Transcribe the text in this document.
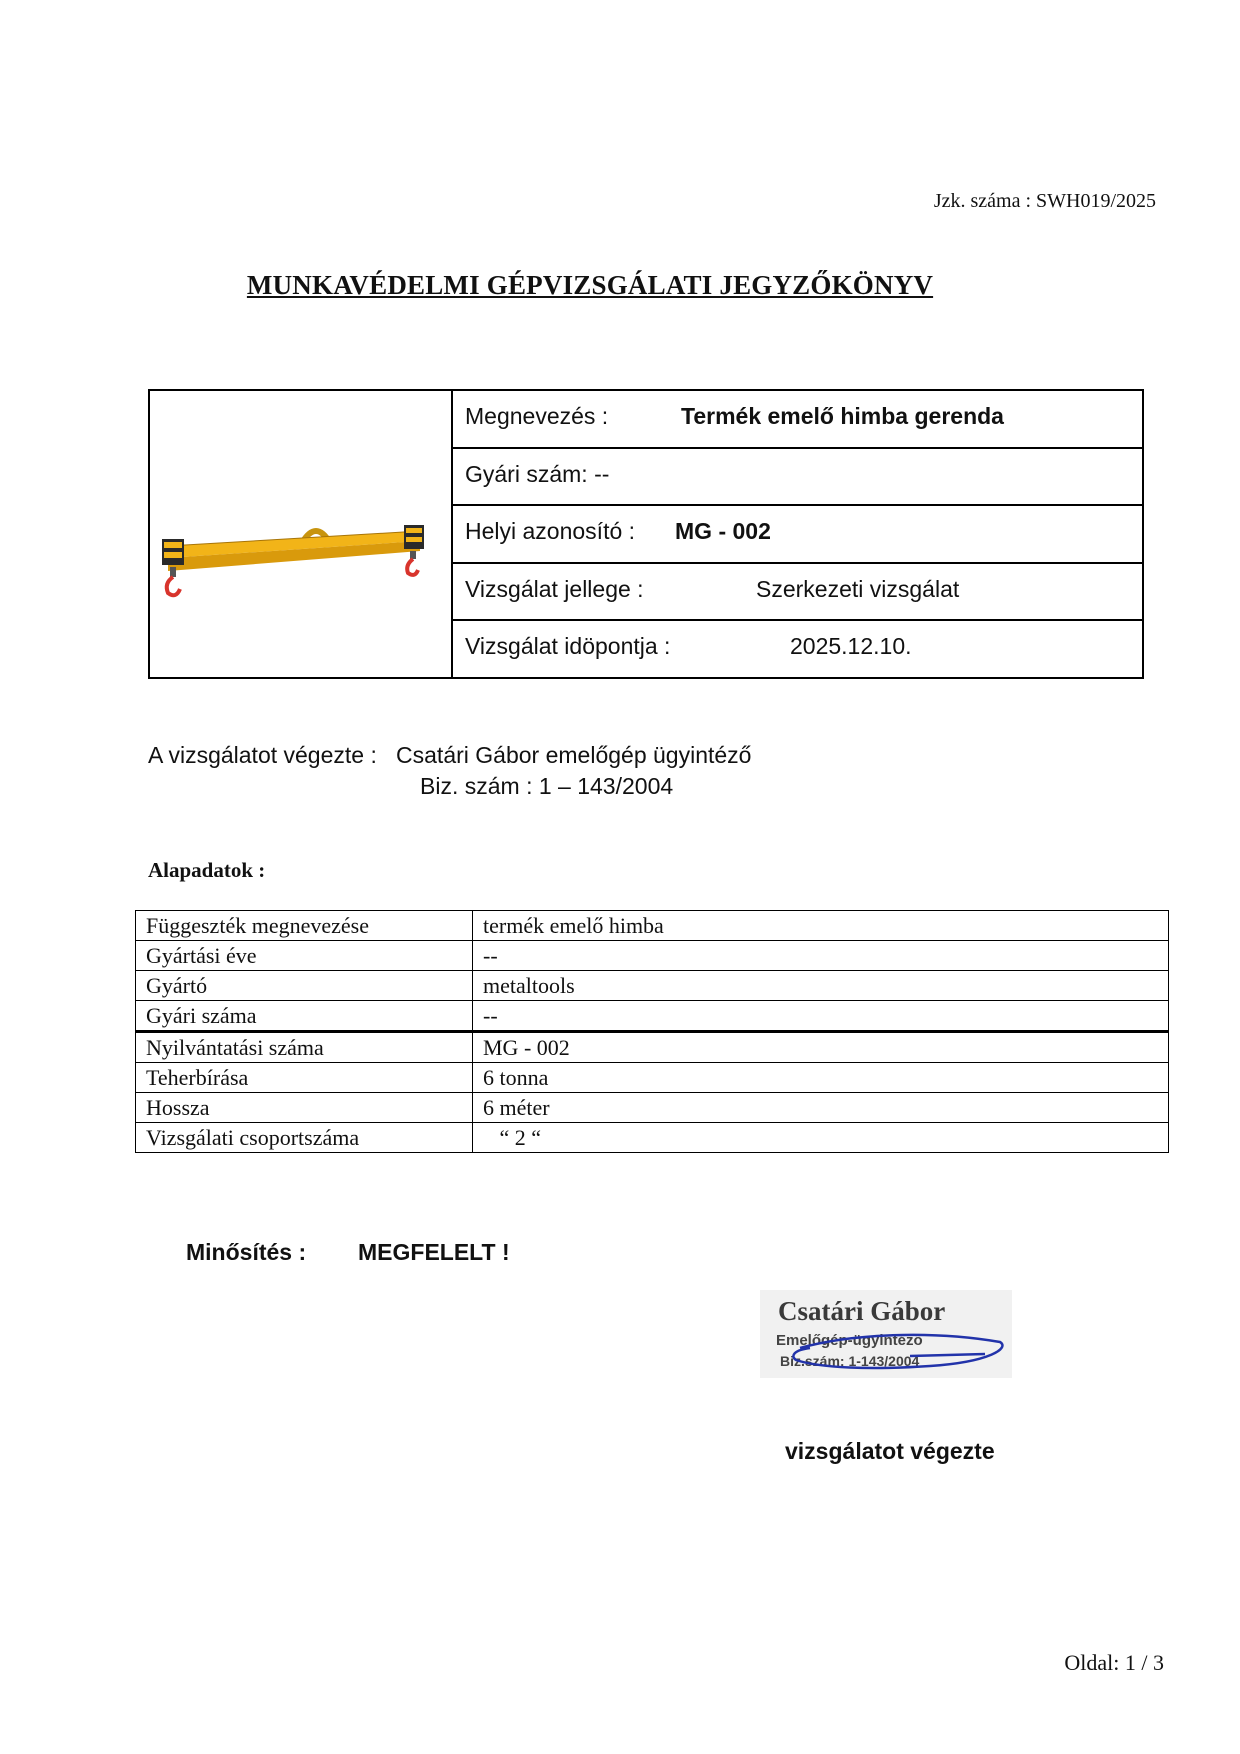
Jzk. száma : SWH019/2025
MUNKAVÉDELMI GÉPVIZSGÁLATI JEGYZŐKÖNYV
Megnevezés :	Termék emelő himba gerenda
Gyári szám: --
Helyi azonosító : MG - 002
Vizsgálat jellege :	Szerkezeti vizsgálat
Vizsgálat idöpontja :	2025.12.10.
A vizsgálatot végezte : Csatári Gábor emelőgép ügyintéző
Biz. szám : 1 – 143/2004
Alapadatok :
Függeszték megnevezése	termék emelő himba
Gyártási éve	--
Gyártó	metaltools
Gyári száma	--
Nyilvántatási száma	MG - 002
Teherbírása	6 tonna
Hossza	6 méter
Vizsgálati csoportszáma	“ 2 “
Minősítés : MEGFELELT !
Csatári Gábor
Emelőgép-ügyintéző
Biz.szám: 1-143/2004
vizsgálatot végezte
Oldal: 1 / 3
